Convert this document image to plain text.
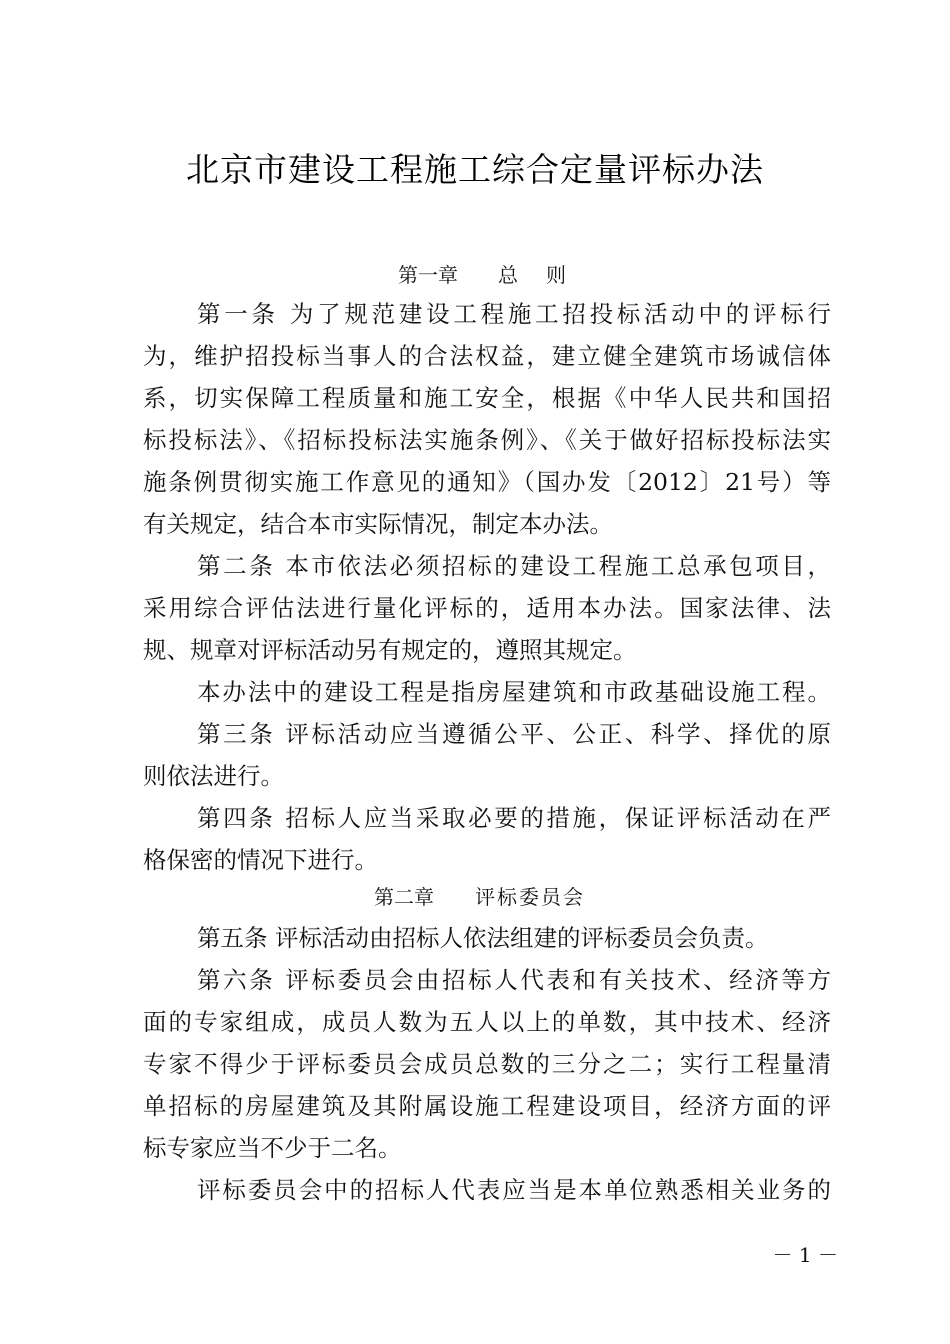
北京市建设工程施工综合定量评标办法
第一章 总则
第一条 为了规范建设工程施工招投标活动中的评标行
为，维护招投标当事人的合法权益，建立健全建筑市场诚信体
系，切实保障工程质量和施工安全，根据《中华人民共和国招
标投标法》、《招标投标法实施条例》、《关于做好招标投标法实
施条例贯彻实施工作意见的通知》（国办发〔2012〕21号）等
有关规定，结合本市实际情况，制定本办法。
第二条 本市依法必须招标的建设工程施工总承包项目，
采用综合评估法进行量化评标的，适用本办法。国家法律、法
规、规章对评标活动另有规定的，遵照其规定。
本办法中的建设工程是指房屋建筑和市政基础设施工程。
第三条 评标活动应当遵循公平、公正、科学、择优的原
则依法进行。
第四条 招标人应当采取必要的措施，保证评标活动在严
格保密的情况下进行。
第二章 评标委员会
第五条 评标活动由招标人依法组建的评标委员会负责。
第六条 评标委员会由招标人代表和有关技术、经济等方
面的专家组成，成员人数为五人以上的单数，其中技术、经济
专家不得少于评标委员会成员总数的三分之二；实行工程量清
单招标的房屋建筑及其附属设施工程建设项目，经济方面的评
标专家应当不少于二名。
评标委员会中的招标人代表应当是本单位熟悉相关业务的
－ 1 －
